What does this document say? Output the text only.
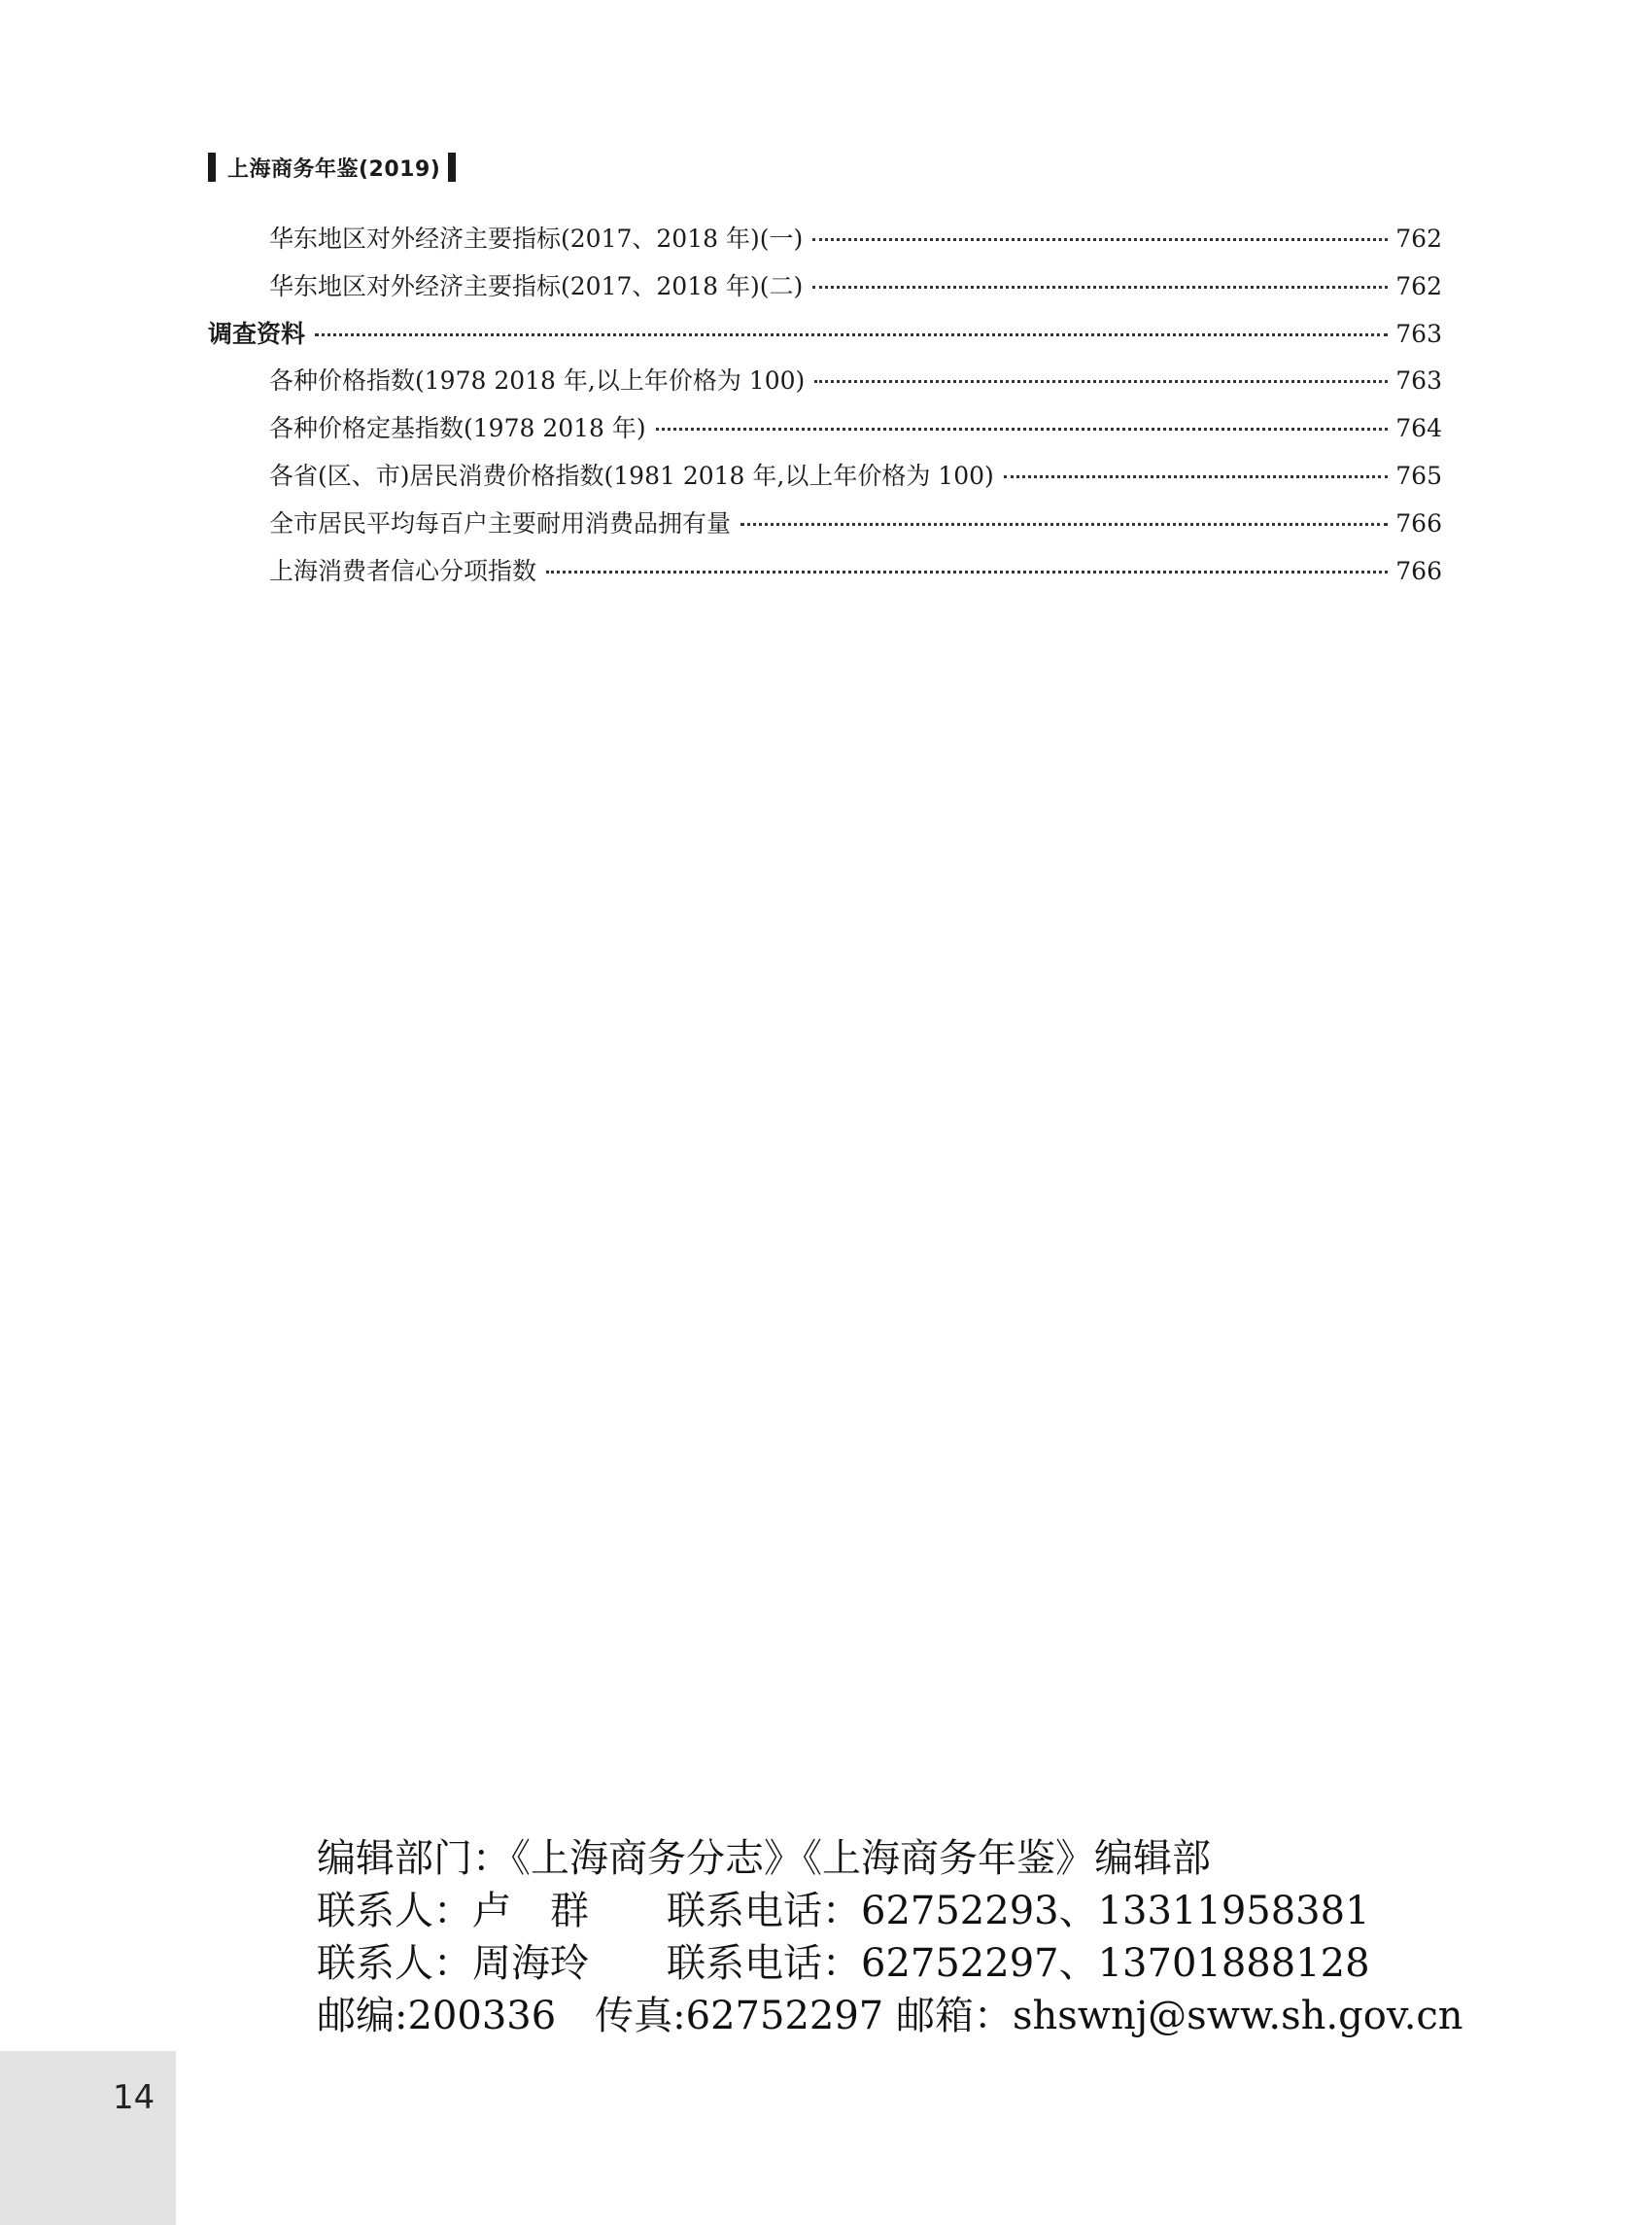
上海商务年鉴(2019)
华东地区对外经济主要指标(2017、2018 年)(一)	762
华东地区对外经济主要指标(2017、2018 年)(二)	762
调查资料	763
各种价格指数(1978 2018 年,以上年价格为 100)	763
各种价格定基指数(1978 2018 年)	764
各省(区、市)居民消费价格指数(1981 2018 年,以上年价格为 100)	765
全市居民平均每百户主要耐用消费品拥有量	766
上海消费者信心分项指数	766
编辑部门：《上海商务分志》《上海商务年鉴》编辑部
联系人：卢　群　　联系电话：62752293、13311958381
联系人：周海玲　　联系电话：62752297、13701888128
邮编:200336　传真:62752297 邮箱：shswnj@sww.sh.gov.cn
14
